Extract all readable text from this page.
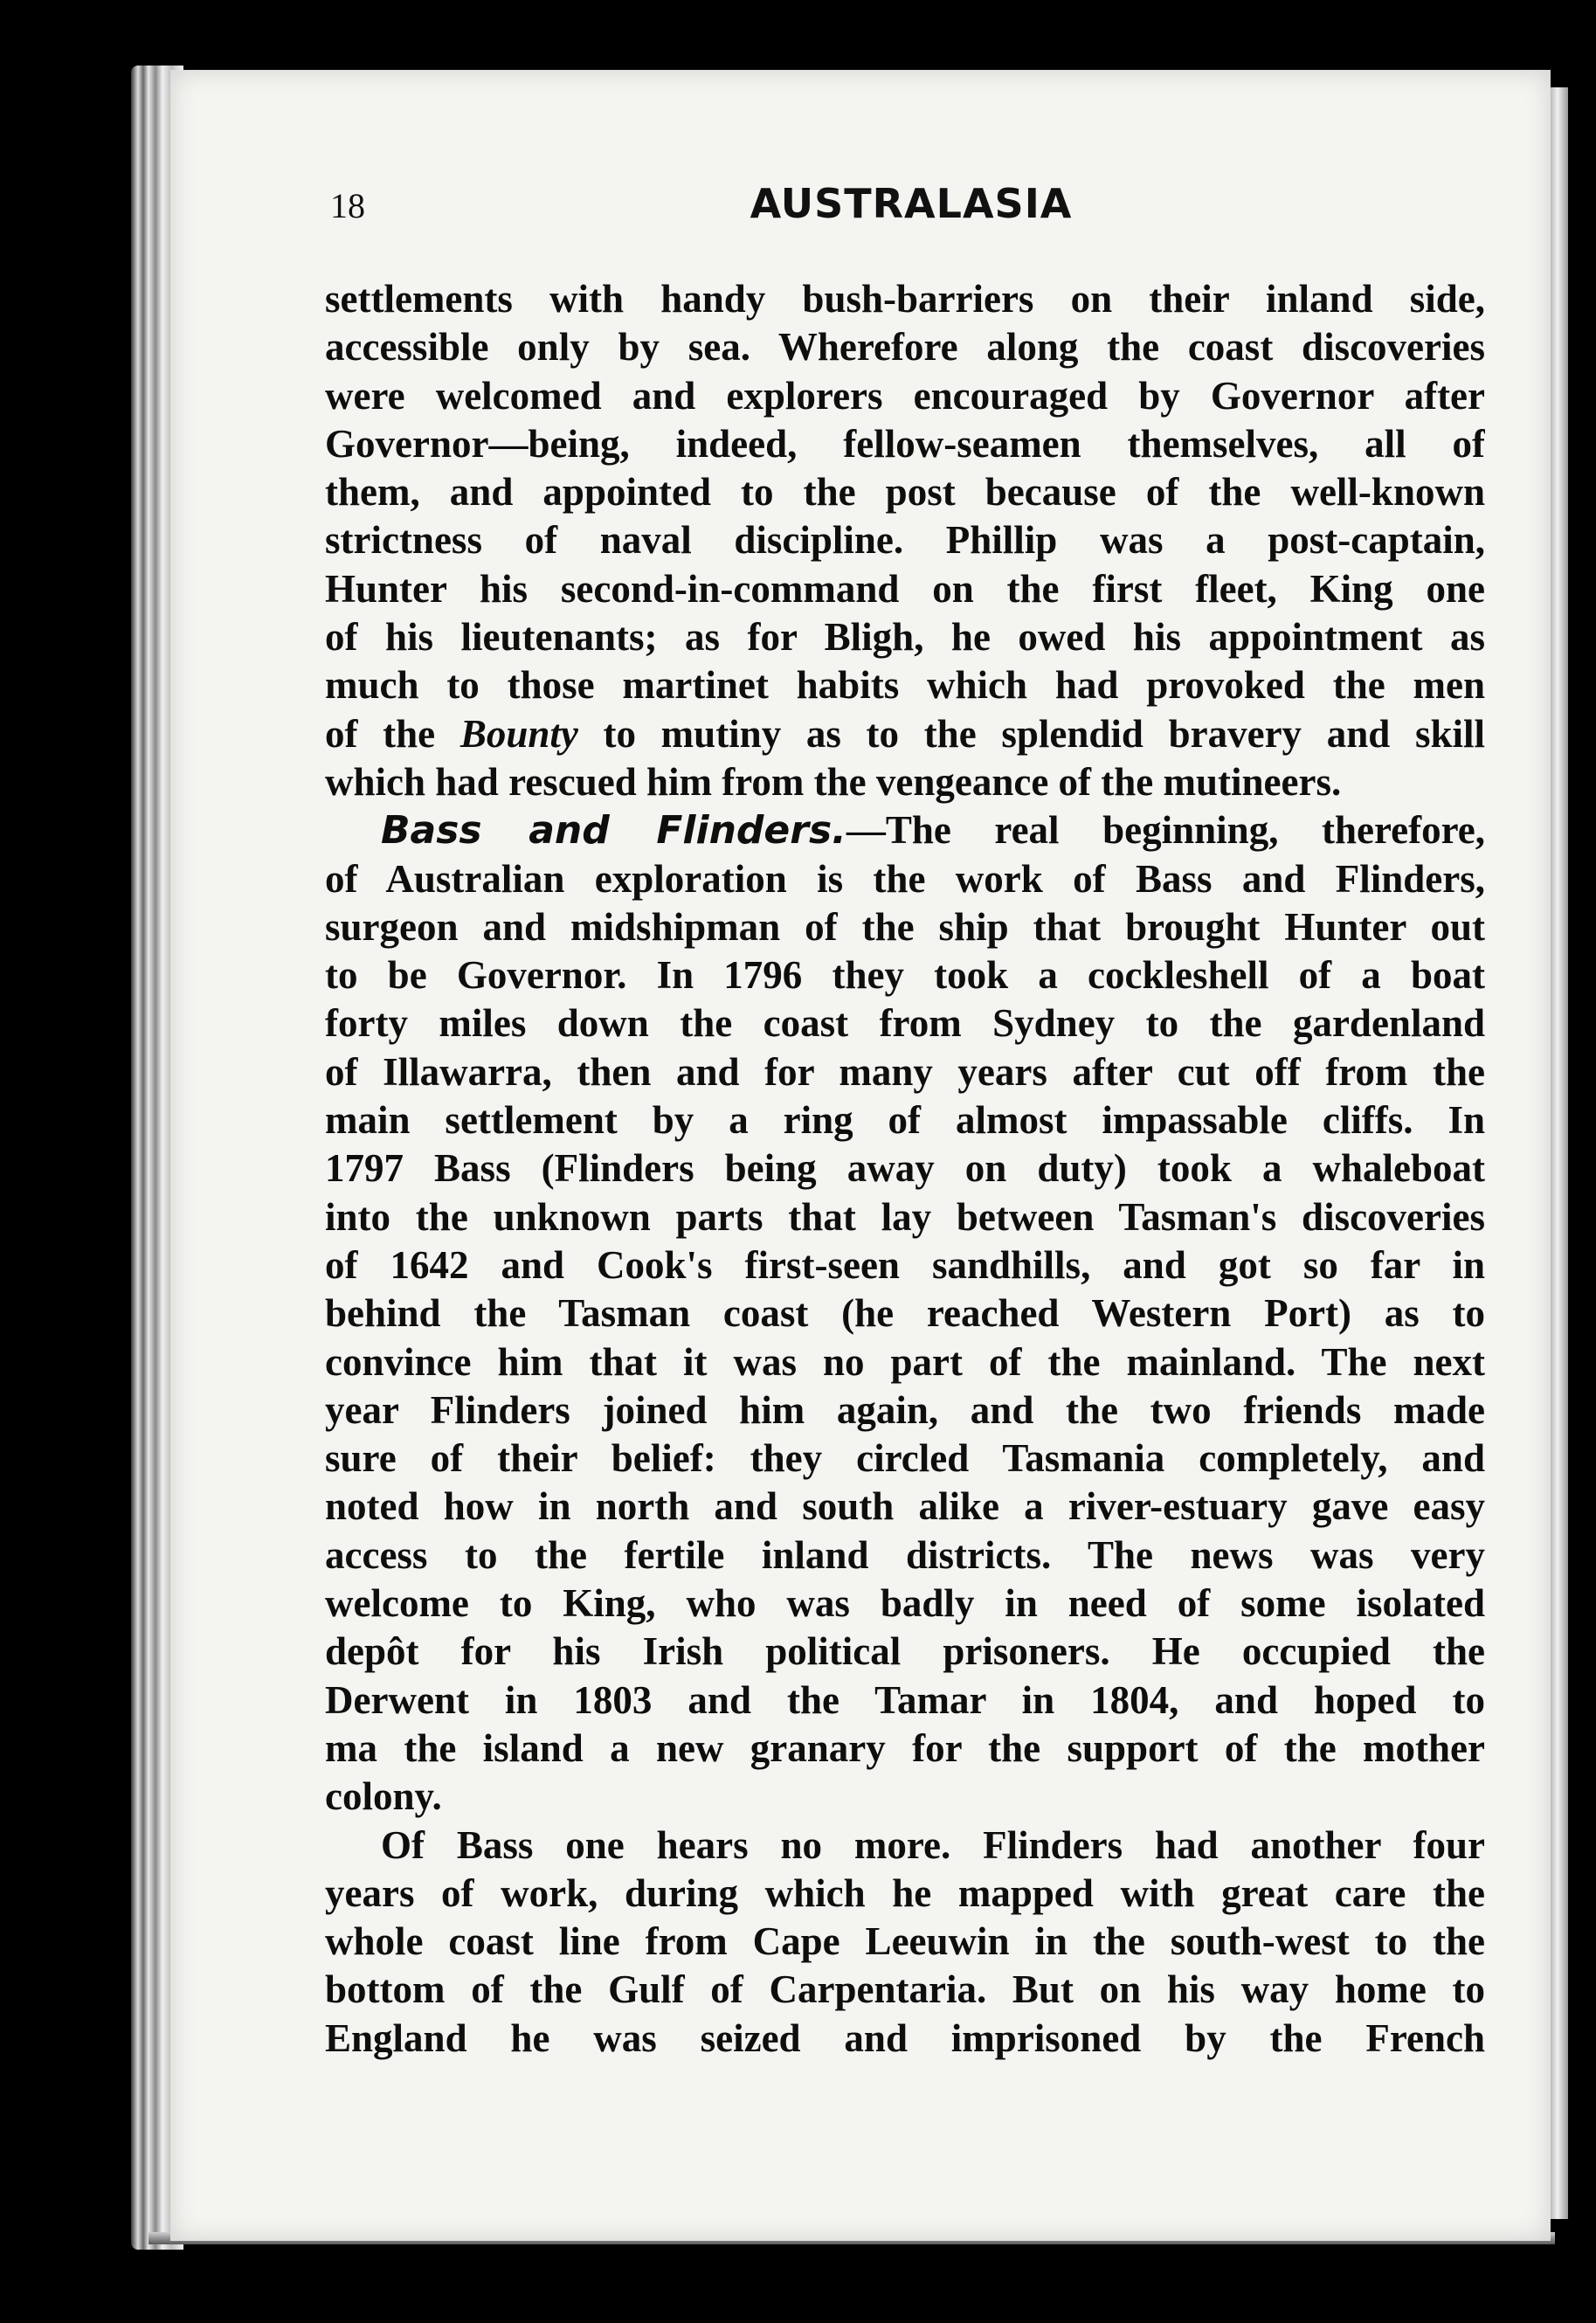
18	AUSTRALASIA
settlements with handy bush-barriers on their inland side,
accessible only by sea. Wherefore along the coast discoveries
were welcomed and explorers encouraged by Governor after
Governor—being, indeed, fellow-seamen themselves, all of
them, and appointed to the post because of the well-known
strictness of naval discipline. Phillip was a post-captain,
Hunter his second-in-command on the first fleet, King one
of his lieutenants; as for Bligh, he owed his appointment as
much to those martinet habits which had provoked the men
of the Bounty to mutiny as to the splendid bravery and skill
which had rescued him from the vengeance of the mutineers.
Bass and Flinders.—The real beginning, therefore,
of Australian exploration is the work of Bass and Flinders,
surgeon and midshipman of the ship that brought Hunter out
to be Governor. In 1796 they took a cockleshell of a boat
forty miles down the coast from Sydney to the gardenland
of Illawarra, then and for many years after cut off from the
main settlement by a ring of almost impassable cliffs. In
1797 Bass (Flinders being away on duty) took a whaleboat
into the unknown parts that lay between Tasman's discoveries
of 1642 and Cook's first-seen sandhills, and got so far in
behind the Tasman coast (he reached Western Port) as to
convince him that it was no part of the mainland. The next
year Flinders joined him again, and the two friends made
sure of their belief: they circled Tasmania completely, and
noted how in north and south alike a river-estuary gave easy
access to the fertile inland districts. The news was very
welcome to King, who was badly in need of some isolated
depôt for his Irish political prisoners. He occupied the
Derwent in 1803 and the Tamar in 1804, and hoped to
ma the island a new granary for the support of the mother
colony.
Of Bass one hears no more. Flinders had another four
years of work, during which he mapped with great care the
whole coast line from Cape Leeuwin in the south-west to the
bottom of the Gulf of Carpentaria. But on his way home to
England he was seized and imprisoned by the French
